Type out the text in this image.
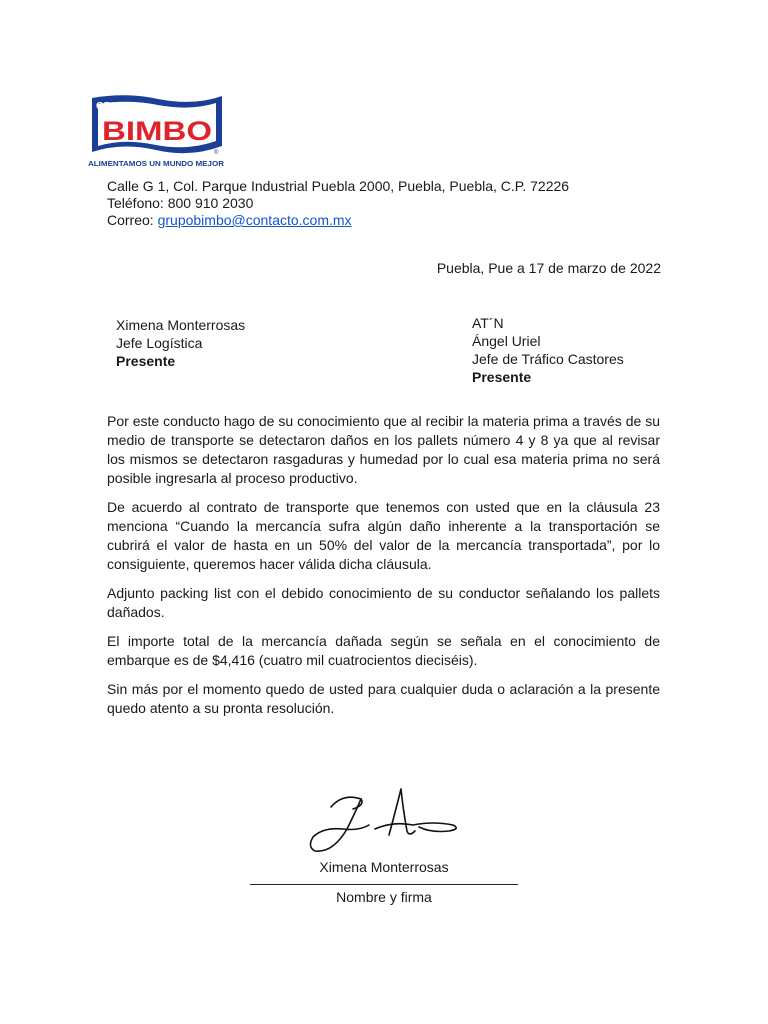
GRUPO
BIMBO
®
ALIMENTAMOS UN MUNDO MEJOR
Calle G 1, Col. Parque Industrial Puebla 2000, Puebla, Puebla, C.P. 72226
Teléfono: 800 910 2030
Correo: grupobimbo@contacto.com.mx
Puebla, Pue a 17 de marzo de 2022
Ximena Monterrosas
Jefe Logística
Presente
AT´N
Ángel Uriel
Jefe de Tráfico Castores
Presente

Por este conducto hago de su conocimiento que al recibir la materia prima a través de su medio de transporte se detectaron daños en los pallets número 4 y 8 ya que al revisar los mismos se detectaron rasgaduras y humedad por lo cual esa materia prima no será posible ingresarla al proceso productivo.

De acuerdo al contrato de transporte que tenemos con usted que en la cláusula 23 menciona “Cuando la mercancía sufra algún daño inherente a la transportación se cubrirá el valor de hasta en un 50% del valor de la mercancía transportada”, por lo consiguiente, queremos hacer válida dicha cláusula.

Adjunto packing list con el debido conocimiento de su conductor señalando los pallets dañados.

El importe total de la mercancía dañada según se señala en el conocimiento de embarque es de $4,416 (cuatro mil cuatrocientos dieciséis).

Sin más por el momento quedo de usted para cualquier duda o aclaración a la presente quedo atento a su pronta resolución.

Ximena Monterrosas
Nombre y firma
